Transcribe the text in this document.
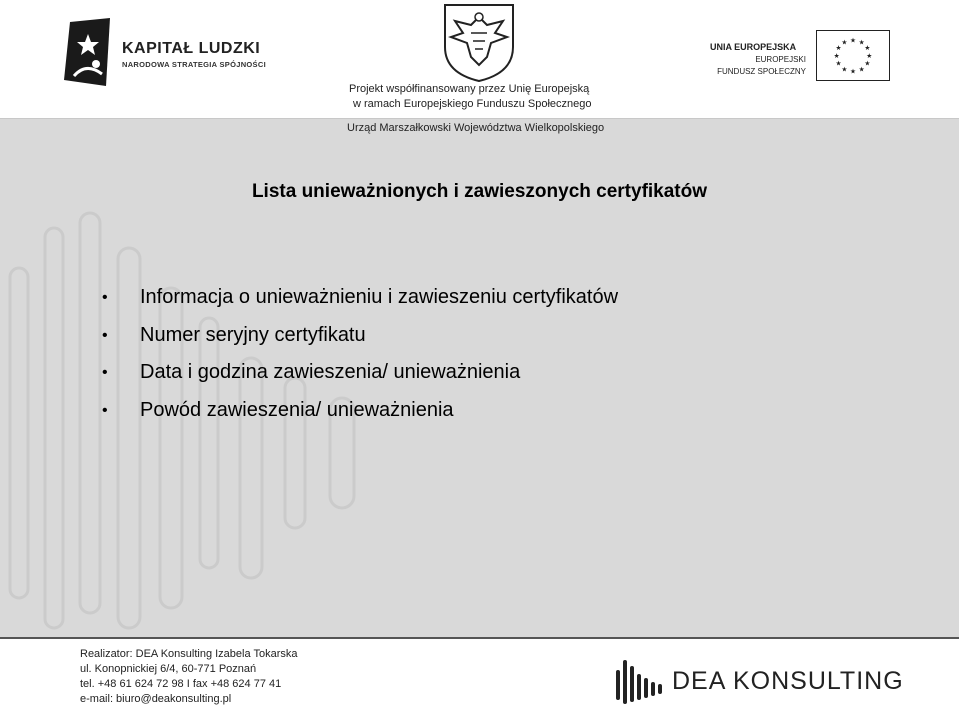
KAPITAŁ LUDZKI
NARODOWA STRATEGIA SPÓJNOŚCI
Projekt współfinansowany przez Unię Europejską
w ramach Europejskiego Funduszu Społecznego
UNIA EUROPEJSKA
EUROPEJSKI
FUNDUSZ SPOŁECZNY
★ ★
★
★
★
★
★
★
★
★
★
★
Urząd Marszałkowski Województwa Wielkopolskiego
Lista unieważnionych i zawieszonych certyfikatów
• Informacja o unieważnieniu i zawieszeniu certyfikatów
• Numer seryjny certyfikatu
• Data i godzina zawieszenia/ unieważnienia
• Powód zawieszenia/ unieważnienia
Realizator: DEA Konsulting Izabela Tokarska
ul. Konopnickiej 6/4, 60-771 Poznań
tel. +48 61 624 72 98 I fax +48 624 77 41
e-mail: biuro@deakonsulting.pl
DEA KONSULTING
